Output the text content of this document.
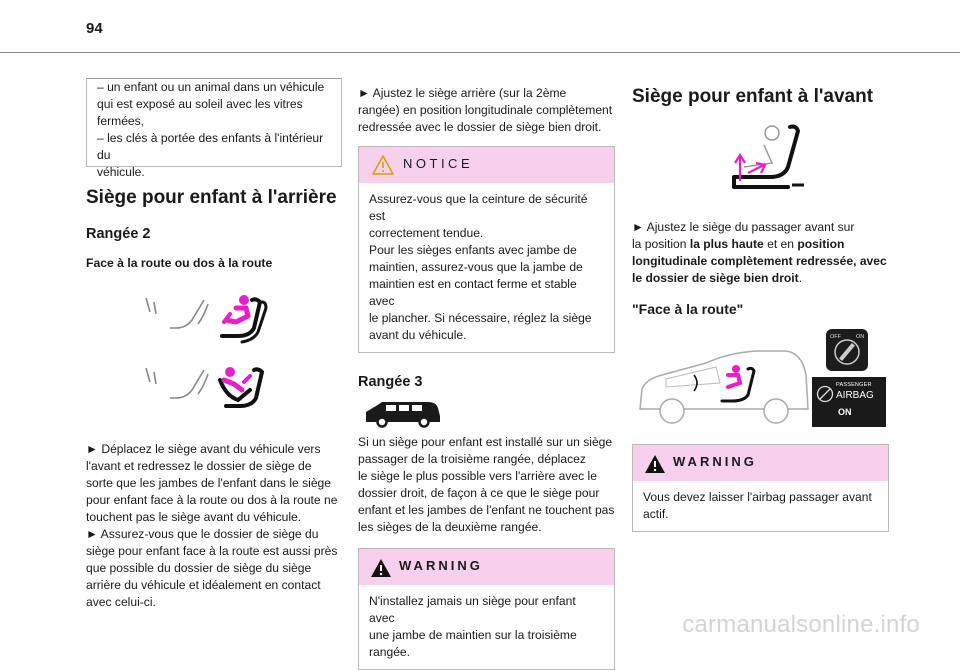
94
– un enfant ou un animal dans un véhicule
qui est exposé au soleil avec les vitres
fermées,
– les clés à portée des enfants à l'intérieur du
véhicule.
Siège pour enfant à l'arrière
Rangée 2
Face à la route ou dos à la route
► Déplacez le siège avant du véhicule vers
l'avant et redressez le dossier de siège de
sorte que les jambes de l'enfant dans le siège
pour enfant face à la route ou dos à la route ne
touchent pas le siège avant du véhicule.
► Assurez-vous que le dossier de siège du
siège pour enfant face à la route est aussi près
que possible du dossier de siège du siège
arrière du véhicule et idéalement en contact
avec celui-ci.
► Ajustez le siège arrière (sur la 2ème
rangée) en position longitudinale complètement
redressée avec le dossier de siège bien droit.
NOTICE
Assurez-vous que la ceinture de sécurité est
correctement tendue.
Pour les sièges enfants avec jambe de
maintien, assurez-vous que la jambe de
maintien est en contact ferme et stable avec
le plancher. Si nécessaire, réglez la siège
avant du véhicule.
Rangée 3
Si un siège pour enfant est installé sur un siège
passager de la troisième rangée, déplacez
le siège le plus possible vers l'arrière avec le
dossier droit, de façon à ce que le siège pour
enfant et les jambes de l'enfant ne touchent pas
les sièges de la deuxième rangée.
WARNING
N'installez jamais un siège pour enfant avec
une jambe de maintien sur la troisième
rangée.
Siège pour enfant à l'avant
► Ajustez le siège du passager avant sur
la position la plus haute et en position
longitudinale complètement redressée, avec
le dossier de siège bien droit.
"Face à la route"
OFF	ON
PASSENGER
AIRBAG
ON
WARNING
Vous devez laisser l'airbag passager avant
actif.
carmanualsonline.info
